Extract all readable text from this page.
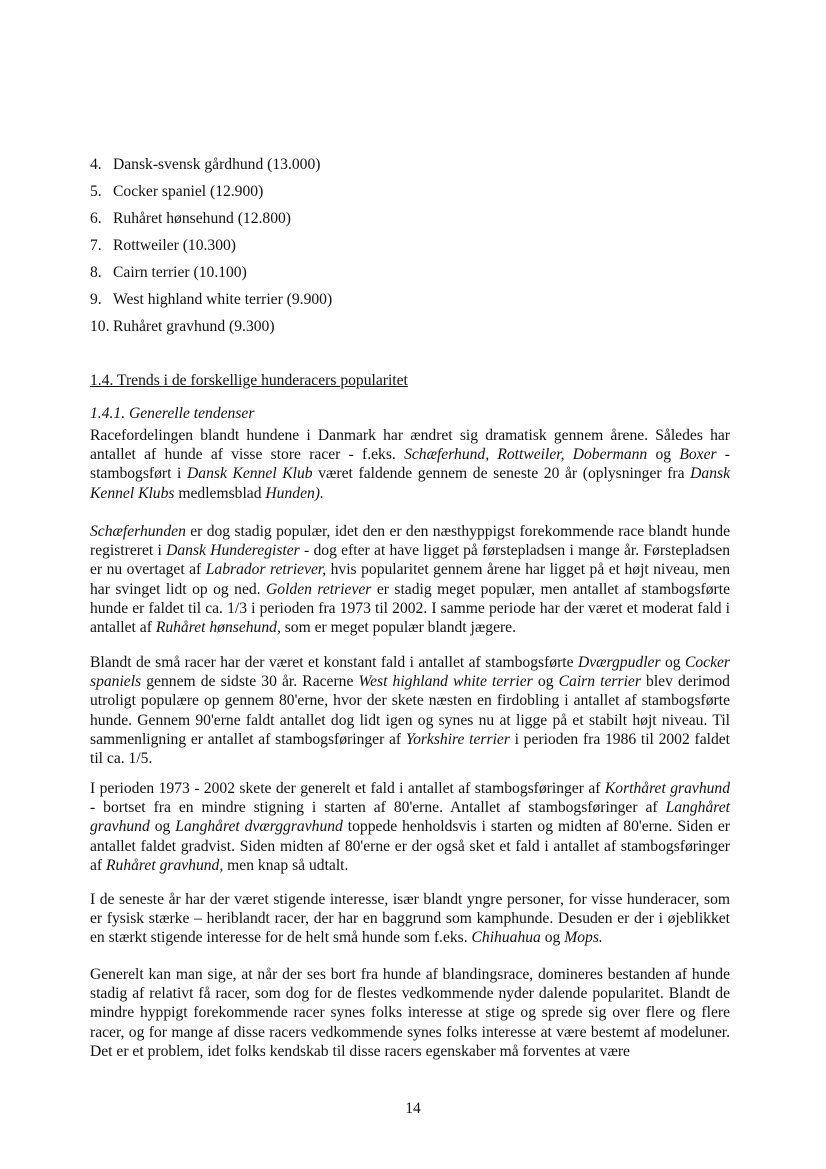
4. Dansk-svensk gårdhund (13.000)
5. Cocker spaniel (12.900)
6. Ruhåret hønsehund (12.800)
7. Rottweiler (10.300)
8. Cairn terrier (10.100)
9. West highland white terrier (9.900)
10. Ruhåret gravhund (9.300)
1.4. Trends i de forskellige hunderacers popularitet
1.4.1. Generelle tendenser

Racefordelingen blandt hundene i Danmark har ændret sig dramatisk gennem årene. Således har antallet af hunde af visse store racer - f.eks. Schæferhund, Rottweiler, Dobermann og Boxer - stambogsført i Dansk Kennel Klub været faldende gennem de seneste 20 år (oplysninger fra Dansk Kennel Klubs medlemsblad Hunden).

Schæferhunden er dog stadig populær, idet den er den næsthyppigst forekommende race blandt hunde registreret i Dansk Hunderegister - dog efter at have ligget på førstepladsen i mange år. Førstepladsen er nu overtaget af Labrador retriever, hvis popularitet gennem årene har ligget på et højt niveau, men har svinget lidt op og ned. Golden retriever er stadig meget populær, men antallet af stambogsførte hunde er faldet til ca. 1/3 i perioden fra 1973 til 2002. I samme periode har der været et moderat fald i antallet af Ruhåret hønsehund, som er meget populær blandt jægere.

Blandt de små racer har der været et konstant fald i antallet af stambogsførte Dværgpudler og Cocker spaniels gennem de sidste 30 år. Racerne West highland white terrier og Cairn terrier blev derimod utroligt populære op gennem 80'erne, hvor der skete næsten en firdobling i antallet af stambogsførte hunde. Gennem 90'erne faldt antallet dog lidt igen og synes nu at ligge på et stabilt højt niveau. Til sammenligning er antallet af stambogsføringer af Yorkshire terrier i perioden fra 1986 til 2002 faldet til ca. 1/5.

I perioden 1973 - 2002 skete der generelt et fald i antallet af stambogsføringer af Korthåret gravhund - bortset fra en mindre stigning i starten af 80'erne. Antallet af stambogsføringer af Langhåret gravhund og Langhåret dværggravhund toppede henholdsvis i starten og midten af 80'erne. Siden er antallet faldet gradvist. Siden midten af 80'erne er der også sket et fald i antallet af stambogsføringer af Ruhåret gravhund, men knap så udtalt.

I de seneste år har der været stigende interesse, især blandt yngre personer, for visse hunderacer, som er fysisk stærke – heriblandt racer, der har en baggrund som kamphunde. Desuden er der i øjeblikket en stærkt stigende interesse for de helt små hunde som f.eks. Chihuahua og Mops.

Generelt kan man sige, at når der ses bort fra hunde af blandingsrace, domineres bestanden af hunde stadig af relativt få racer, som dog for de flestes vedkommende nyder dalende popularitet. Blandt de mindre hyppigt forekommende racer synes folks interesse at stige og sprede sig over flere og flere racer, og for mange af disse racers vedkommende synes folks interesse at være bestemt af modeluner. Det er et problem, idet folks kendskab til disse racers egenskaber må forventes at være

14
